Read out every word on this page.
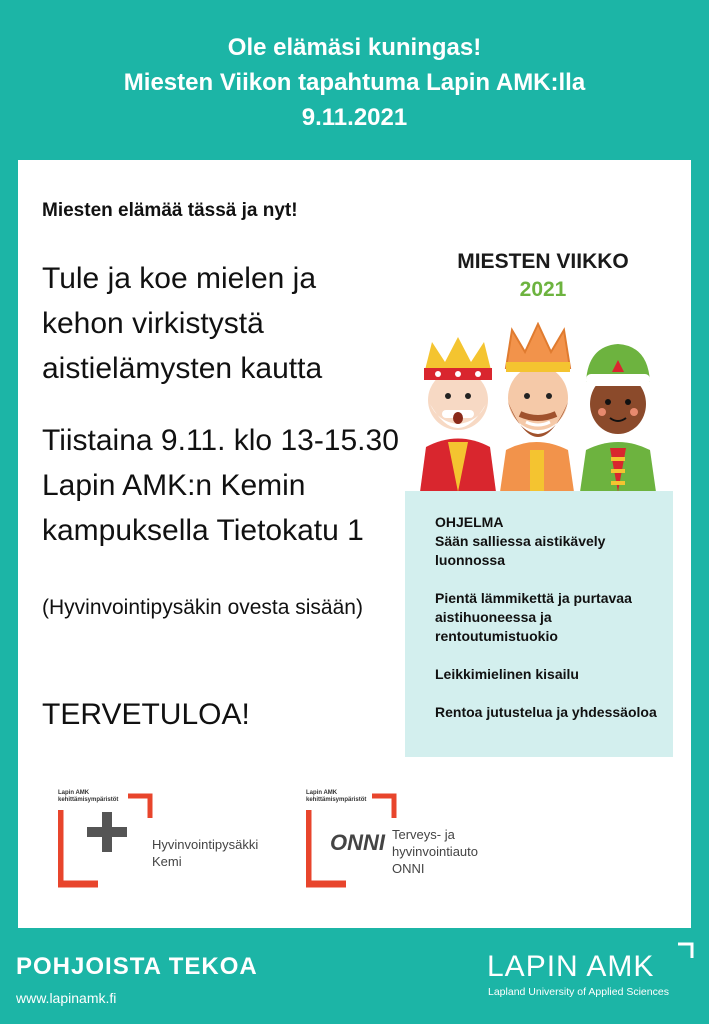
Ole elämäsi kuningas!
Miesten Viikon tapahtuma Lapin AMK:lla
9.11.2021
Miesten elämää tässä ja nyt!
Tule ja koe mielen ja kehon virkistystä aistielämysten kautta
Tiistaina 9.11. klo 13-15.30 Lapin AMK:n Kemin kampuksella Tietokatu 1
(Hyvinvointipysäkin ovesta sisään)
TERVETULOA!
MIESTEN VIIKKO
2021
OHJELMA
Sään salliessa aistikävely luonnossa
Pientä lämmikettä ja purtavaa aistihuoneessa ja rentoutumistuokio
Leikkimielinen kisailu
Rentoa jutustelua ja yhdessäoloa
Lapin AMK kehittämisympäristöt
Hyvinvointipysäkki
Kemi
Lapin AMK kehittämisympäristöt
ONNI Terveys- ja
hyvinvointiauto
ONNI
POHJOISTA TEKOA
www.lapinamk.fi
LAPIN AMK
Lapland University of Applied Sciences
